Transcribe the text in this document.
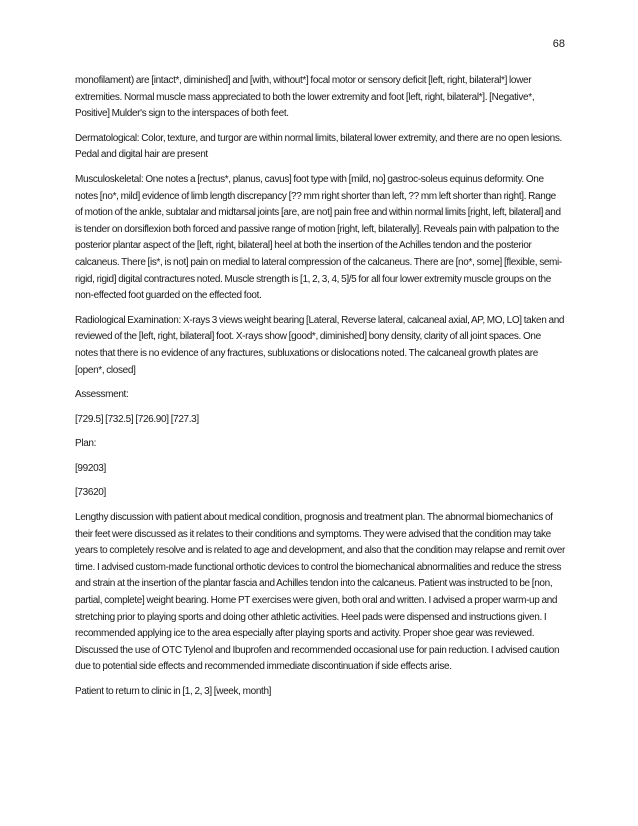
68

monofilament) are [intact*, diminished] and [with, without*] focal motor or sensory deficit [left, right, bilateral*] lower extremities. Normal muscle mass appreciated to both the lower extremity and foot [left, right, bilateral*]. [Negative*, Positive] Mulder's sign to the interspaces of both feet.

Dermatological: Color, texture, and turgor are within normal limits, bilateral lower extremity, and there are no open lesions. Pedal and digital hair are present

Musculoskeletal: One notes a [rectus*, planus, cavus] foot type with [mild, no] gastroc-soleus equinus deformity. One notes [no*, mild] evidence of limb length discrepancy [?? mm right shorter than left, ?? mm left shorter than right]. Range of motion of the ankle, subtalar and midtarsal joints [are, are not] pain free and within normal limits [right, left, bilateral] and is tender on dorsiflexion both forced and passive range of motion [right, left, bilaterally]. Reveals pain with palpation to the posterior plantar aspect of the [left, right, bilateral] heel at both the insertion of the Achilles tendon and the posterior calcaneus. There [is*, is not] pain on medial to lateral compression of the calcaneus. There are [no*, some] [flexible, semi-rigid, rigid] digital contractures noted. Muscle strength is [1, 2, 3, 4, 5]/5 for all four lower extremity muscle groups on the non-effected foot guarded on the effected foot.

Radiological Examination: X-rays 3 views weight bearing [Lateral, Reverse lateral, calcaneal axial, AP, MO, LO] taken and reviewed of the [left, right, bilateral] foot. X-rays show [good*, diminished] bony density, clarity of all joint spaces. One notes that there is no evidence of any fractures, subluxations or dislocations noted. The calcaneal growth plates are [open*, closed]

Assessment:

[729.5] [732.5] [726.90] [727.3]

Plan:

[99203]

[73620]

Lengthy discussion with patient about medical condition, prognosis and treatment plan. The abnormal biomechanics of their feet were discussed as it relates to their conditions and symptoms. They were advised that the condition may take years to completely resolve and is related to age and development, and also that the condition may relapse and remit over time. I advised custom-made functional orthotic devices to control the biomechanical abnormalities and reduce the stress and strain at the insertion of the plantar fascia and Achilles tendon into the calcaneus. Patient was instructed to be [non, partial, complete] weight bearing. Home PT exercises were given, both oral and written. I advised a proper warm-up and stretching prior to playing sports and doing other athletic activities. Heel pads were dispensed and instructions given. I recommended applying ice to the area especially after playing sports and activity. Proper shoe gear was reviewed. Discussed the use of OTC Tylenol and Ibuprofen and recommended occasional use for pain reduction. I advised caution due to potential side effects and recommended immediate discontinuation if side effects arise.

Patient to return to clinic in [1, 2, 3] [week, month]
